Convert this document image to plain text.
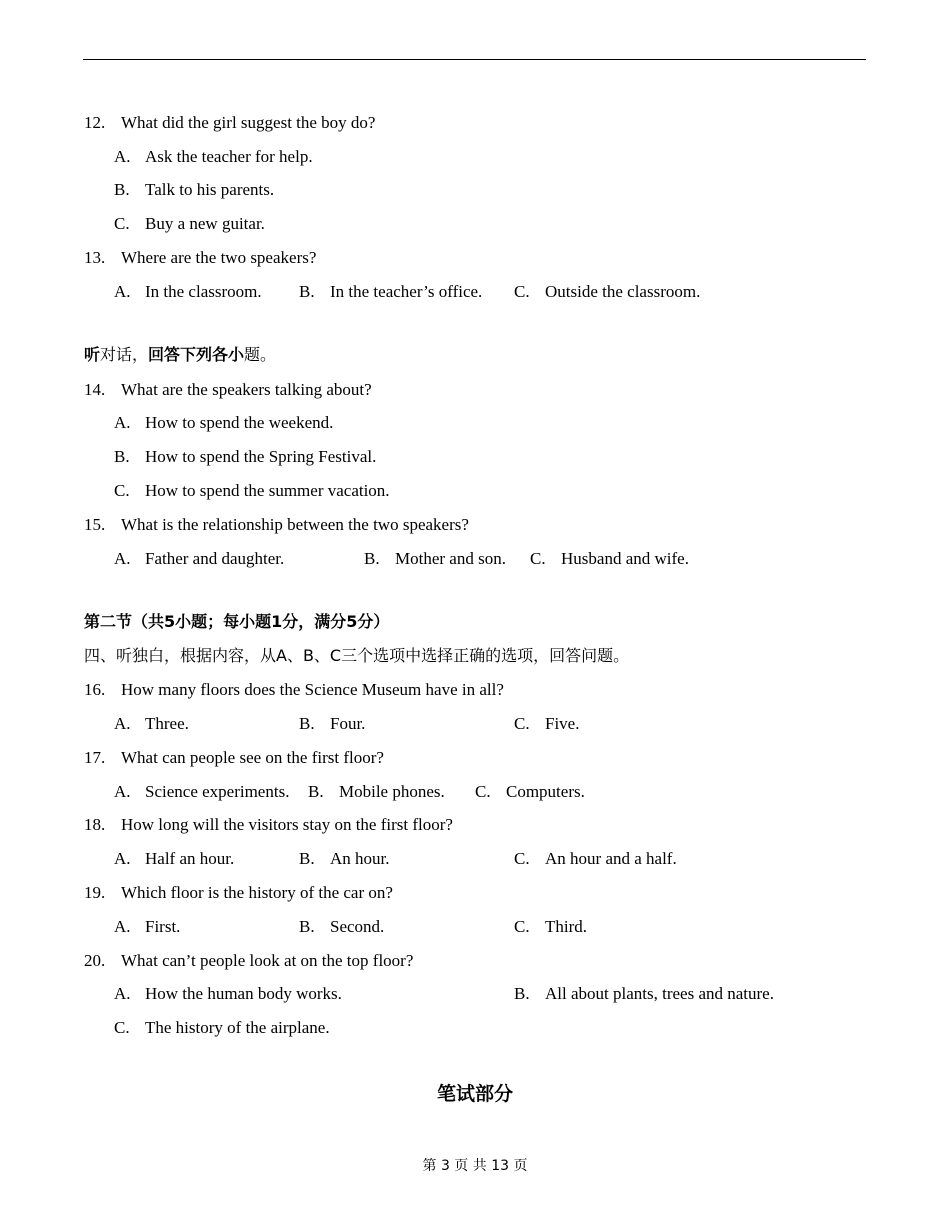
12. What did the girl suggest the boy do?
A. Ask the teacher for help.
B. Talk to his parents.
C. Buy a new guitar.
13. Where are the two speakers?
A. In the classroom. B. In the teacher’s office. C. Outside the classroom.
听对话，回答下列各小题。
14. What are the speakers talking about?
A. How to spend the weekend.
B. How to spend the Spring Festival.
C. How to spend the summer vacation.
15. What is the relationship between the two speakers?
A. Father and daughter.	B. Mother and son. C. Husband and wife.
第二节（共5小题；每小题1分，满分5分）
四、听独白，根据内容，从A、B、C三个选项中选择正确的选项，回答问题。
16. How many floors does the Science Museum have in all?
A. Three.	B. Four.	C. Five.
17. What can people see on the first floor?
A. Science experiments. B. Mobile phones. C. Computers.
18. How long will the visitors stay on the first floor?
A. Half an hour.	B. An hour.	C. An hour and a half.
19. Which floor is the history of the car on?
A. First.	B. Second.	C. Third.
20. What can’t people look at on the top floor?
A. How the human body works.	B. All about plants, trees and nature.
C. The history of the airplane.
笔试部分
第 3 页 共 13 页
